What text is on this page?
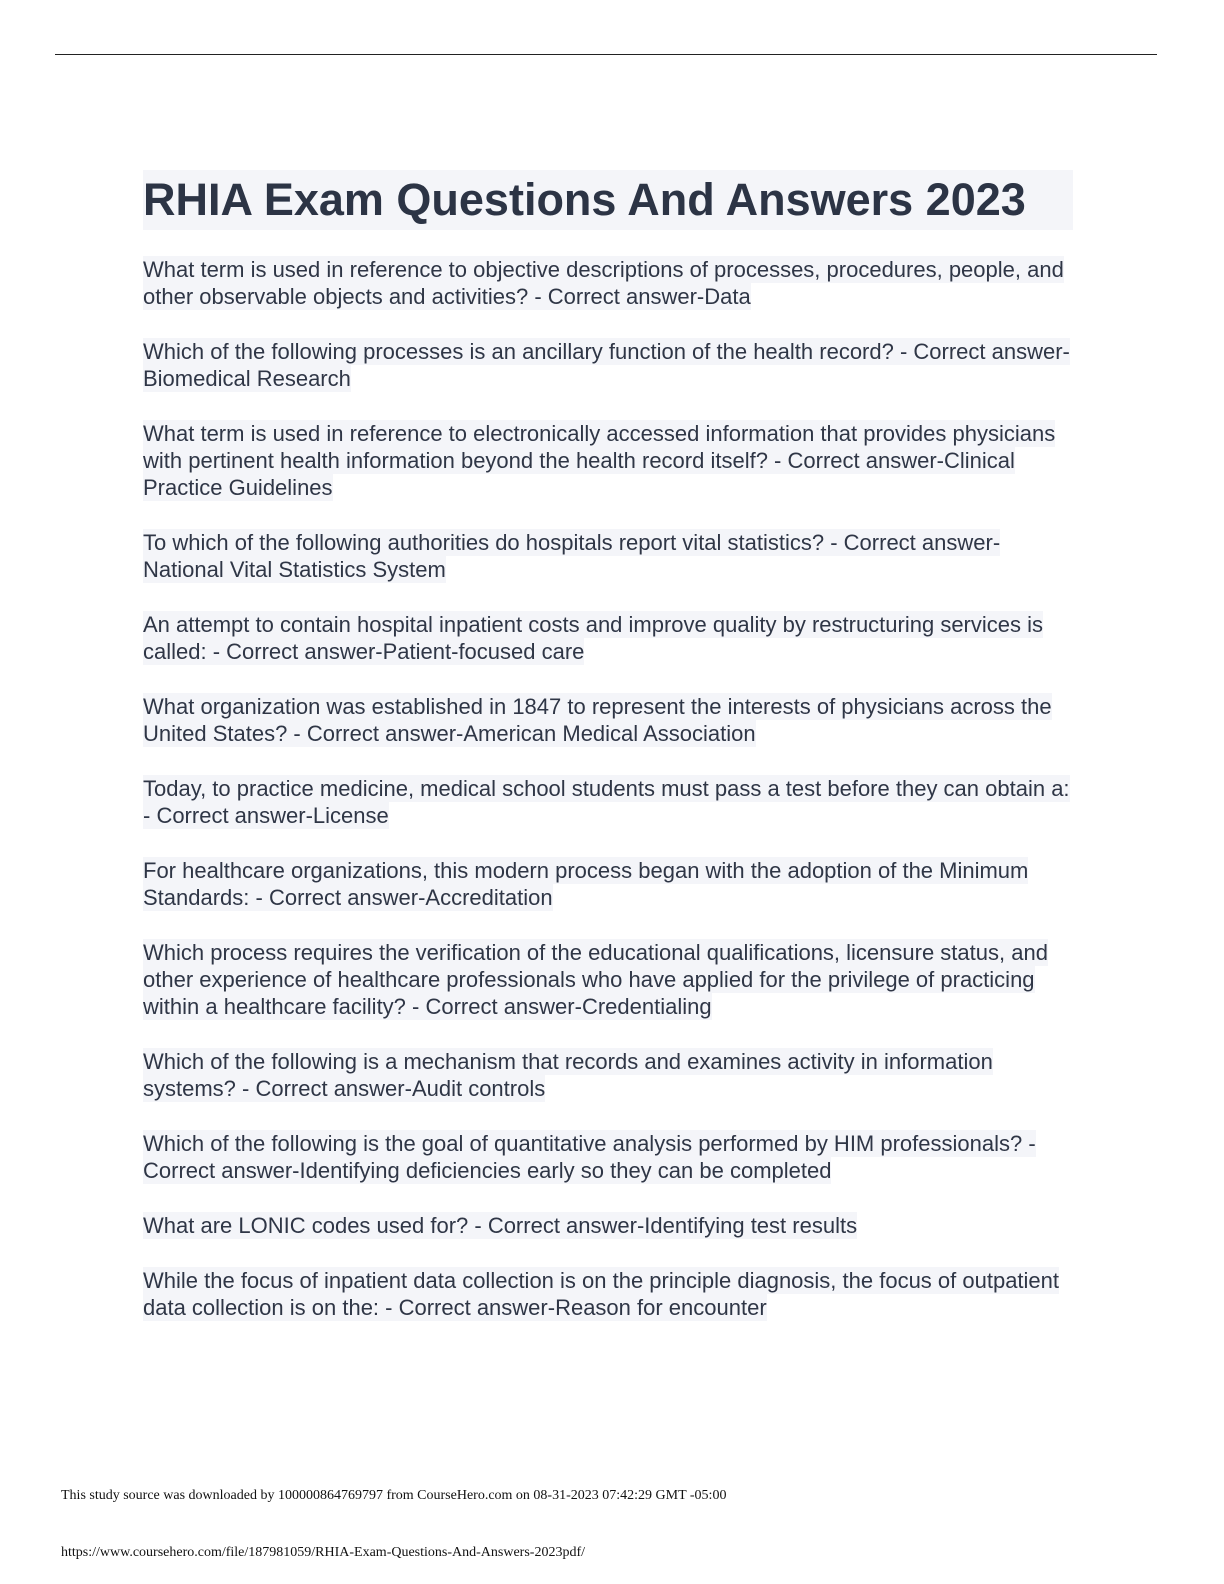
RHIA Exam Questions And Answers 2023

What term is used in reference to objective descriptions of processes, procedures, people, and other observable objects and activities? - Correct answer-Data

Which of the following processes is an ancillary function of the health record? - Correct answer-Biomedical Research

What term is used in reference to electronically accessed information that provides physicians with pertinent health information beyond the health record itself? - Correct answer-Clinical Practice Guidelines

To which of the following authorities do hospitals report vital statistics? - Correct answer-National Vital Statistics System

An attempt to contain hospital inpatient costs and improve quality by restructuring services is called: - Correct answer-Patient-focused care

What organization was established in 1847 to represent the interests of physicians across the United States? - Correct answer-American Medical Association

Today, to practice medicine, medical school students must pass a test before they can obtain a: - Correct answer-License

For healthcare organizations, this modern process began with the adoption of the Minimum Standards: - Correct answer-Accreditation

Which process requires the verification of the educational qualifications, licensure status, and other experience of healthcare professionals who have applied for the privilege of practicing within a healthcare facility? - Correct answer-Credentialing

Which of the following is a mechanism that records and examines activity in information systems? - Correct answer-Audit controls

Which of the following is the goal of quantitative analysis performed by HIM professionals? - Correct answer-Identifying deficiencies early so they can be completed

What are LONIC codes used for? - Correct answer-Identifying test results

While the focus of inpatient data collection is on the principle diagnosis, the focus of outpatient data collection is on the: - Correct answer-Reason for encounter

This study source was downloaded by 100000864769797 from CourseHero.com on 08-31-2023 07:42:29 GMT -05:00
https://www.coursehero.com/file/187981059/RHIA-Exam-Questions-And-Answers-2023pdf/
